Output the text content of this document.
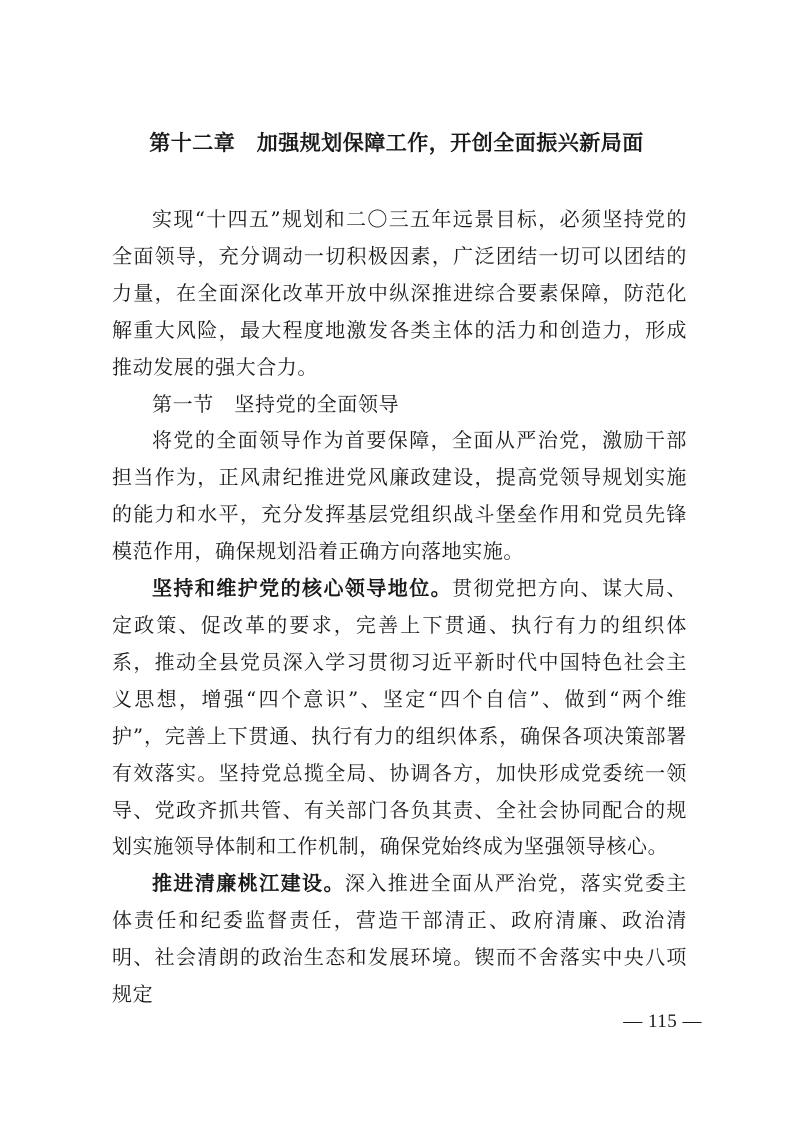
第十二章　加强规划保障工作，开创全面振兴新局面

实现“十四五”规划和二〇三五年远景目标，必须坚持党的全面领导，充分调动一切积极因素，广泛团结一切可以团结的力量，在全面深化改革开放中纵深推进综合要素保障，防范化解重大风险，最大程度地激发各类主体的活力和创造力，形成推动发展的强大合力。

第一节　坚持党的全面领导

将党的全面领导作为首要保障，全面从严治党，激励干部担当作为，正风肃纪推进党风廉政建设，提高党领导规划实施的能力和水平，充分发挥基层党组织战斗堡垒作用和党员先锋模范作用，确保规划沿着正确方向落地实施。

坚持和维护党的核心领导地位。贯彻党把方向、谋大局、定政策、促改革的要求，完善上下贯通、执行有力的组织体系，推动全县党员深入学习贯彻习近平新时代中国特色社会主义思想，增强“四个意识”、坚定“四个自信”、做到“两个维护”，完善上下贯通、执行有力的组织体系，确保各项决策部署有效落实。坚持党总揽全局、协调各方，加快形成党委统一领导、党政齐抓共管、有关部门各负其责、全社会协同配合的规划实施领导体制和工作机制，确保党始终成为坚强领导核心。

推进清廉桃江建设。深入推进全面从严治党，落实党委主体责任和纪委监督责任，营造干部清正、政府清廉、政治清明、社会清朗的政治生态和发展环境。锲而不舍落实中央八项规定

— 115 —
